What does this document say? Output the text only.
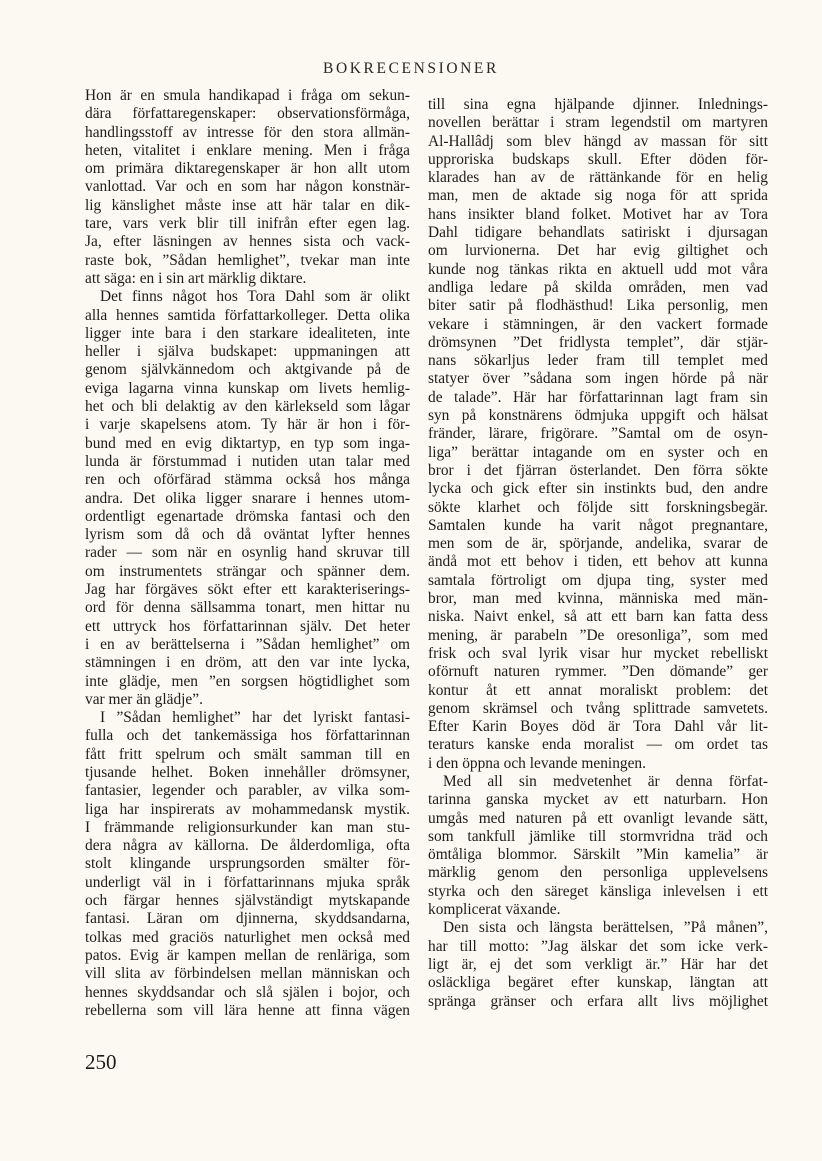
BOKRECENSIONER
Hon är en smula handikapad i fråga om sekun-
dära författaregenskaper: observationsförmåga,
handlingsstoff av intresse för den stora allmän-
heten, vitalitet i enklare mening. Men i fråga
om primära diktaregenskaper är hon allt utom
vanlottad. Var och en som har någon konstnär-
lig känslighet måste inse att här talar en dik-
tare, vars verk blir till inifrån efter egen lag.
Ja, efter läsningen av hennes sista och vack-
raste bok, ”Sådan hemlighet”, tvekar man inte
att säga: en i sin art märklig diktare.
Det finns något hos Tora Dahl som är olikt
alla hennes samtida författarkolleger. Detta olika
ligger inte bara i den starkare idealiteten, inte
heller i själva budskapet: uppmaningen att
genom självkännedom och aktgivande på de
eviga lagarna vinna kunskap om livets hemlig-
het och bli delaktig av den kärlekseld som lågar
i varje skapelsens atom. Ty här är hon i för-
bund med en evig diktartyp, en typ som inga-
lunda är förstummad i nutiden utan talar med
ren och oförfärad stämma också hos många
andra. Det olika ligger snarare i hennes utom-
ordentligt egenartade drömska fantasi och den
lyrism som då och då oväntat lyfter hennes
rader — som när en osynlig hand skruvar till
om instrumentets strängar och spänner dem.
Jag har förgäves sökt efter ett karakteriserings-
ord för denna sällsamma tonart, men hittar nu
ett uttryck hos författarinnan själv. Det heter
i en av berättelserna i ”Sådan hemlighet” om
stämningen i en dröm, att den var inte lycka,
inte glädje, men ”en sorgsen högtidlighet som
var mer än glädje”.
I ”Sådan hemlighet” har det lyriskt fantasi-
fulla och det tankemässiga hos författarinnan
fått fritt spelrum och smält samman till en
tjusande helhet. Boken innehåller drömsyner,
fantasier, legender och parabler, av vilka som-
liga har inspirerats av mohammedansk mystik.
I främmande religionsurkunder kan man stu-
dera några av källorna. De ålderdomliga, ofta
stolt klingande ursprungsorden smälter för-
underligt väl in i författarinnans mjuka språk
och färgar hennes självständigt mytskapande
fantasi. Läran om djinnerna, skyddsandarna,
tolkas med graciös naturlighet men också med
patos. Evig är kampen mellan de renläriga, som
vill slita av förbindelsen mellan människan och
hennes skyddsandar och slå själen i bojor, och
rebellerna som vill lära henne att finna vägen
till sina egna hjälpande djinner. Inlednings-
novellen berättar i stram legendstil om martyren
Al-Hallâdj som blev hängd av massan för sitt
upproriska budskaps skull. Efter döden för-
klarades han av de rättänkande för en helig
man, men de aktade sig noga för att sprida
hans insikter bland folket. Motivet har av Tora
Dahl tidigare behandlats satiriskt i djursagan
om lurvionerna. Det har evig giltighet och
kunde nog tänkas rikta en aktuell udd mot våra
andliga ledare på skilda områden, men vad
biter satir på flodhästhud! Lika personlig, men
vekare i stämningen, är den vackert formade
drömsynen ”Det fridlysta templet”, där stjär-
nans sökarljus leder fram till templet med
statyer över ”sådana som ingen hörde på när
de talade”. Här har författarinnan lagt fram sin
syn på konstnärens ödmjuka uppgift och hälsat
fränder, lärare, frigörare. ”Samtal om de osyn-
liga” berättar intagande om en syster och en
bror i det fjärran österlandet. Den förra sökte
lycka och gick efter sin instinkts bud, den andre
sökte klarhet och följde sitt forskningsbegär.
Samtalen kunde ha varit något pregnantare,
men som de är, spörjande, andelika, svarar de
ändå mot ett behov i tiden, ett behov att kunna
samtala förtroligt om djupa ting, syster med
bror, man med kvinna, människa med män-
niska. Naivt enkel, så att ett barn kan fatta dess
mening, är parabeln ”De oresonliga”, som med
frisk och sval lyrik visar hur mycket rebelliskt
oförnuft naturen rymmer. ”Den dömande” ger
kontur åt ett annat moraliskt problem: det
genom skrämsel och tvång splittrade samvetets.
Efter Karin Boyes död är Tora Dahl vår lit-
teraturs kanske enda moralist — om ordet tas
i den öppna och levande meningen.
Med all sin medvetenhet är denna förfat-
tarinna ganska mycket av ett naturbarn. Hon
umgås med naturen på ett ovanligt levande sätt,
som tankfull jämlike till stormvridna träd och
ömtåliga blommor. Särskilt ”Min kamelia” är
märklig genom den personliga upplevelsens
styrka och den säreget känsliga inlevelsen i ett
komplicerat växande.
Den sista och längsta berättelsen, ”På månen”,
har till motto: ”Jag älskar det som icke verk-
ligt är, ej det som verkligt är.” Här har det
osläckliga begäret efter kunskap, längtan att
spränga gränser och erfara allt livs möjlighet
250
